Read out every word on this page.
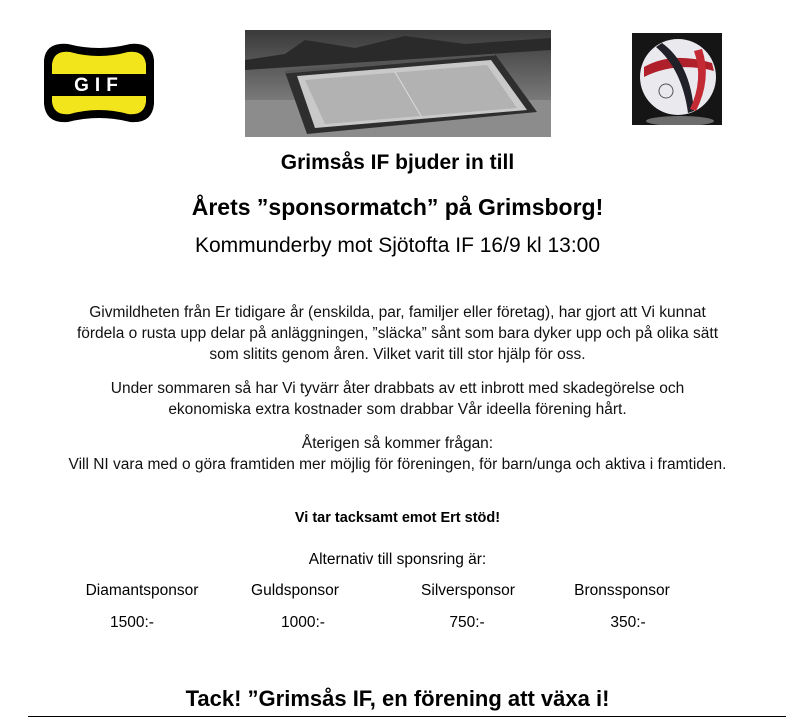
GIF
Grimsås IF bjuder in till
Årets ”sponsormatch” på Grimsborg!
Kommunderby mot Sjötofta IF 16/9 kl 13:00
Givmildheten från Er tidigare år (enskilda, par, familjer eller företag), har gjort att Vi kunnat
fördela o rusta upp delar på anläggningen, ”släcka” sånt som bara dyker upp och på olika sätt
som slitits genom åren. Vilket varit till stor hjälp för oss.
Under sommaren så har Vi tyvärr åter drabbats av ett inbrott med skadegörelse och
ekonomiska extra kostnader som drabbar Vår ideella förening hårt.
Återigen så kommer frågan:
Vill NI vara med o göra framtiden mer möjlig för föreningen, för barn/unga och aktiva i framtiden.
Vi tar tacksamt emot Ert stöd!
Alternativ till sponsring är:
Diamantsponsor	Guldsponsor	Silversponsor	Bronssponsor
1500:-	1000:-	750:-	350:-
Tack! ”Grimsås IF, en förening att växa i!
